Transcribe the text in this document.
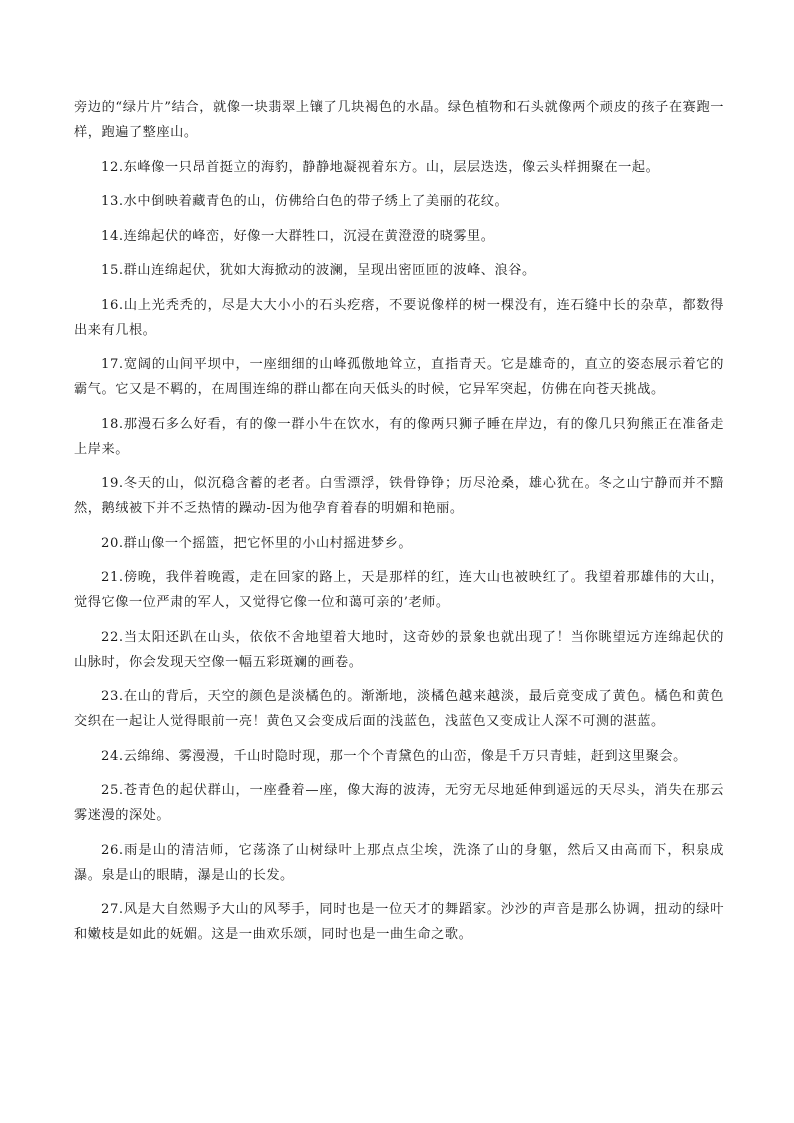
旁边的“绿片片”结合，就像一块翡翠上镶了几块褐色的水晶。绿色植物和石头就像两个顽皮的孩子在赛跑一样，跑遍了整座山。

12.东峰像一只昂首挺立的海豹，静静地凝视着东方。山，层层迭迭，像云头样拥聚在一起。

13.水中倒映着藏青色的山，仿佛给白色的带子绣上了美丽的花纹。

14.连绵起伏的峰峦，好像一大群牲口，沉浸在黄澄澄的晓雾里。

15.群山连绵起伏，犹如大海掀动的波澜，呈现出密匝匝的波峰、浪谷。

16.山上光秃秃的，尽是大大小小的石头疙瘩，不要说像样的树一棵没有，连石缝中长的杂草，都数得出来有几根。

17.宽阔的山间平坝中，一座细细的山峰孤傲地耸立，直指青天。它是雄奇的，直立的姿态展示着它的霸气。它又是不羁的，在周围连绵的群山都在向天低头的时候，它异军突起，仿佛在向苍天挑战。

18.那漫石多么好看，有的像一群小牛在饮水，有的像两只狮子睡在岸边，有的像几只狗熊正在准备走上岸来。

19.冬天的山，似沉稳含蓄的老者。白雪漂浮，铁骨铮铮；历尽沧桑，雄心犹在。冬之山宁静而并不黯然，鹅绒被下并不乏热情的躁动-因为他孕育着春的明媚和艳丽。

20.群山像一个摇篮，把它怀里的小山村摇进梦乡。

21.傍晚，我伴着晚霞，走在回家的路上，天是那样的红，连大山也被映红了。我望着那雄伟的大山，觉得它像一位严肃的军人，又觉得它像一位和蔼可亲的’老师。

22.当太阳还趴在山头，依依不舍地望着大地时，这奇妙的景象也就出现了！当你眺望远方连绵起伏的山脉时，你会发现天空像一幅五彩斑斓的画卷。

23.在山的背后，天空的颜色是淡橘色的。渐渐地，淡橘色越来越淡，最后竟变成了黄色。橘色和黄色交织在一起让人觉得眼前一亮！黄色又会变成后面的浅蓝色，浅蓝色又变成让人深不可测的湛蓝。

24.云绵绵、雾漫漫，千山时隐时现，那一个个青黛色的山峦，像是千万只青蛙，赶到这里聚会。

25.苍青色的起伏群山，一座叠着—座，像大海的波涛，无穷无尽地延伸到遥远的天尽头，消失在那云雾迷漫的深处。

26.雨是山的清洁师，它荡涤了山树绿叶上那点点尘埃，洗涤了山的身躯，然后又由高而下，积泉成瀑。泉是山的眼睛，瀑是山的长发。

27.风是大自然赐予大山的风琴手，同时也是一位天才的舞蹈家。沙沙的声音是那么协调，扭动的绿叶和嫩枝是如此的妩媚。这是一曲欢乐颂，同时也是一曲生命之歌。
